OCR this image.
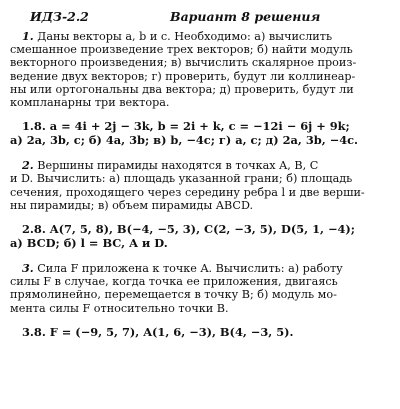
ИДЗ-2.2	Вариант 8 решения

1. Даны векторы a, b и c. Необходимо: а) вычислить

смешанное произведение трех векторов; б) найти модуль

векторного произведения; в) вычислить скалярное произ-

ведение двух векторов; г) проверить, будут ли коллинеар-

ны или ортогональны два вектора; д) проверить, будут ли

компланарны три вектора.

1.8. a = 4i + 2j − 3k, b = 2i + k, c = −12i − 6j + 9k;

а) 2a, 3b, c; б) 4a, 3b; в) b, −4c; г) a, c; д) 2a, 3b, −4c.

2. Вершины пирамиды находятся в точках A, B, C

и D. Вычислить: а) площадь указанной грани; б) площадь

сечения, проходящего через середину ребра l и две верши-

ны пирамиды; в) объем пирамиды ABCD.

2.8. A(7, 5, 8), B(−4, −5, 3), C(2, −3, 5), D(5, 1, −4);

а) BCD; б) l = BC, A и D.

3. Сила F приложена к точке A. Вычислить: а) работу

силы F в случае, когда точка ее приложения, двигаясь

прямолинейно, перемещается в точку B; б) модуль мо-

мента силы F относительно точки B.

3.8. F = (−9, 5, 7), A(1, 6, −3), B(4, −3, 5).
